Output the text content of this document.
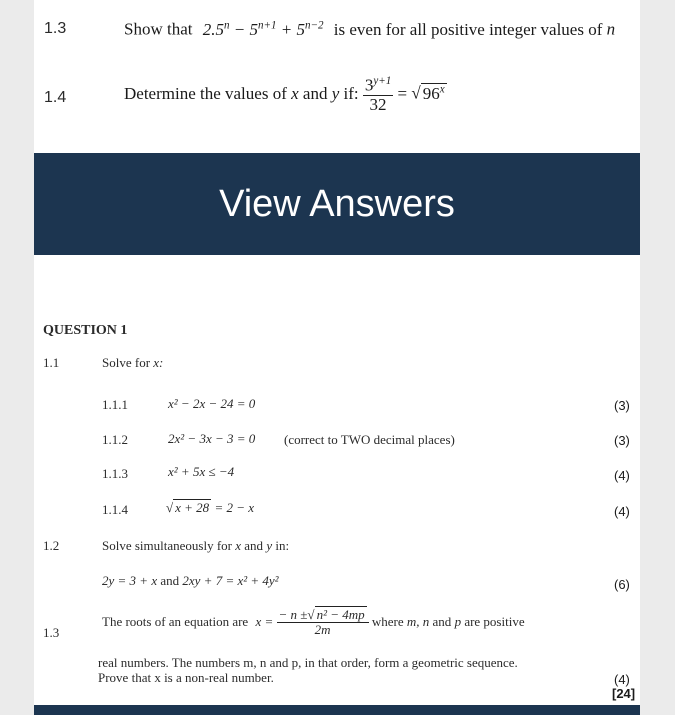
1.3	Show that $2.5^n - 5^{n+1} + 5^{n-2}$ is even for all positive integer values of n
1.4	Determine the values of x and y if: $\frac{3^{y+1}}{32}$ = √ 96$^x$
View Answers
QUESTION 1
1.1	Solve for x:
1.1.1	x² − 2x − 24 = 0	(3)
1.1.2	2x² − 3x − 3 = 0 (correct to TWO decimal places)	(3)
1.1.3	x² + 5x ≤ −4	(4)
1.1.4	√ x + 28 = 2 − x	(4)
1.2	Solve simultaneously for x and y in:
2y = 3 + x and 2xy + 7 = x² + 4y²	(6)
1.3
The roots of an equation are $x = \frac{\text{− n ±√ n² − 4mp}}{2m}$ where m, n and p are positive
real numbers. The numbers m, n and p, in that order, form a geometric sequence.
Prove that x is a non-real number.	(4)
[24]
